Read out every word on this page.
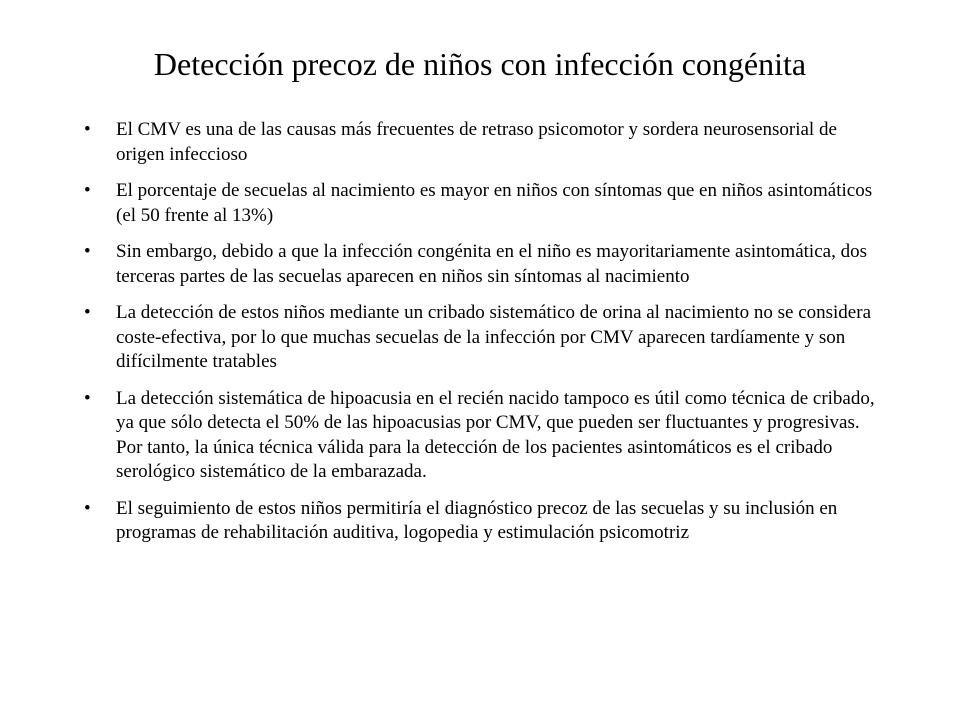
Detección precoz de niños con infección congénita
•	El CMV es una de las causas más frecuentes de retraso psicomotor y sordera neurosensorial de origen infeccioso
•	El porcentaje de secuelas al nacimiento es mayor en niños con síntomas que en niños asintomáticos (el 50 frente al 13%)
•	Sin embargo, debido a que la infección congénita en el niño es mayoritariamente asintomática, dos terceras partes de las secuelas aparecen en niños sin síntomas al nacimiento
•	La detección de estos niños mediante un cribado sistemático de orina al nacimiento no se considera coste-efectiva, por lo que muchas secuelas de la infección por CMV aparecen tardíamente y son difícilmente tratables
•	La detección sistemática de hipoacusia en el recién nacido tampoco es útil como técnica de cribado, ya que sólo detecta el 50% de las hipoacusias por CMV, que pueden ser fluctuantes y progresivas. Por tanto, la única técnica válida para la detección de los pacientes asintomáticos es el cribado serológico sistemático de la embarazada.
•	El seguimiento de estos niños permitiría el diagnóstico precoz de las secuelas y su inclusión en programas de rehabilitación auditiva, logopedia y estimulación psicomotriz
